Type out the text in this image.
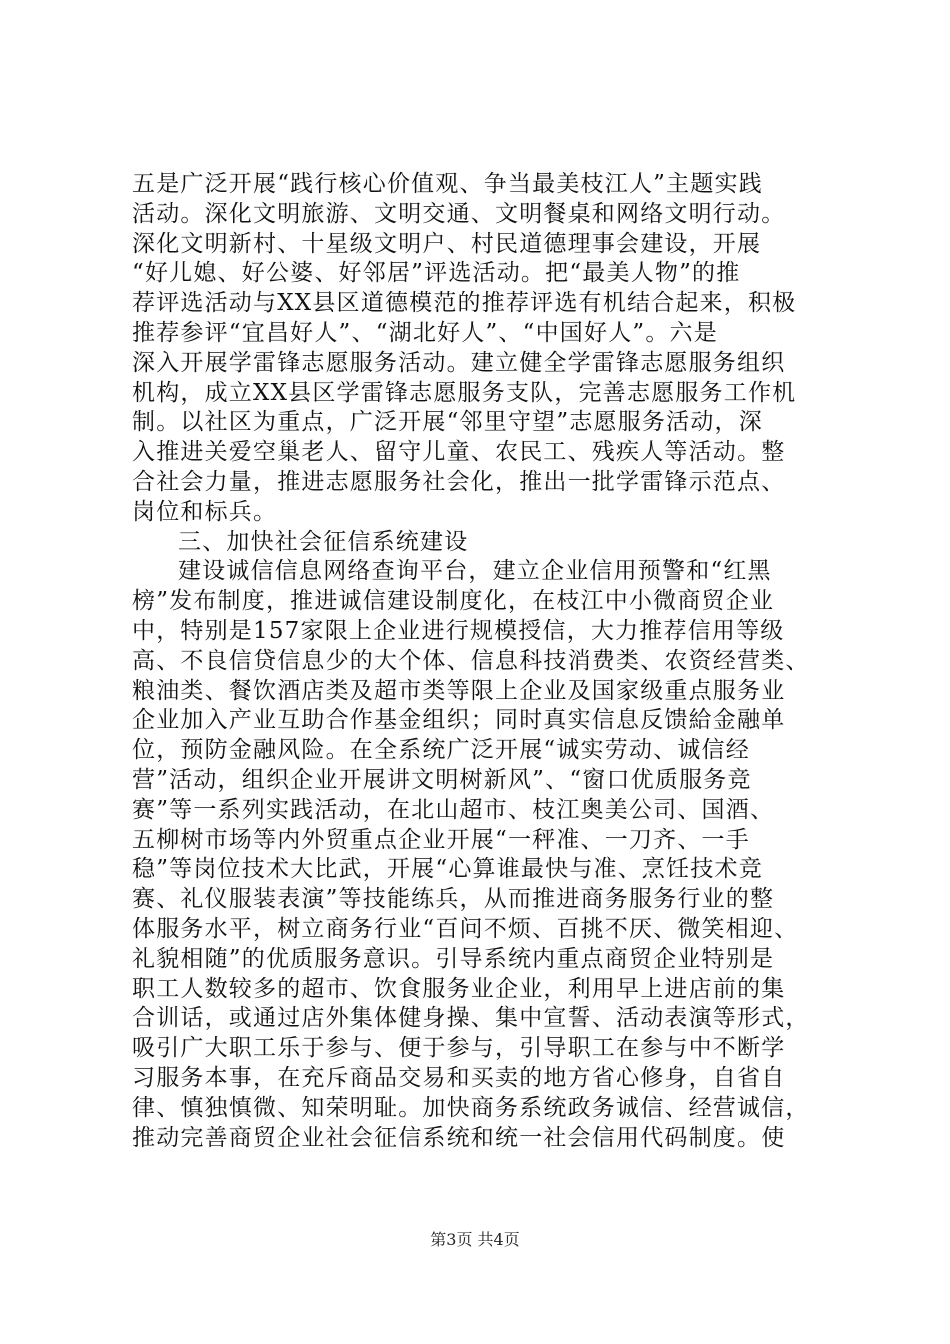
五是广泛开展“践行核心价值观、争当最美枝江人”主题实践
活动。深化文明旅游、文明交通、文明餐桌和网络文明行动。
深化文明新村、十星级文明户、村民道德理事会建设，开展
“好儿媳、好公婆、好邻居”评选活动。把“最美人物”的推
荐评选活动与XX县区道德模范的推荐评选有机结合起来，积极
推荐参评“宜昌好人”、“湖北好人”、“中国好人”。六是
深入开展学雷锋志愿服务活动。建立健全学雷锋志愿服务组织
机构，成立XX县区学雷锋志愿服务支队，完善志愿服务工作机
制。以社区为重点，广泛开展“邻里守望”志愿服务活动，深
入推进关爱空巢老人、留守儿童、农民工、残疾人等活动。整
合社会力量，推进志愿服务社会化，推出一批学雷锋示范点、
岗位和标兵。
三、加快社会征信系统建设
建设诚信信息网络查询平台，建立企业信用预警和“红黑
榜”发布制度，推进诚信建设制度化，在枝江中小微商贸企业
中，特别是157家限上企业进行规模授信，大力推荐信用等级
高、不良信贷信息少的大个体、信息科技消费类、农资经营类、
粮油类、餐饮酒店类及超市类等限上企业及国家级重点服务业
企业加入产业互助合作基金组织；同时真实信息反馈給金融单
位，预防金融风险。在全系统广泛开展“诚实劳动、诚信经
营”活动，组织企业开展讲文明树新风”、“窗口优质服务竞
赛”等一系列实践活动，在北山超市、枝江奥美公司、国酒、
五柳树市场等内外贸重点企业开展“一秤准、一刀齐、一手
稳”等岗位技术大比武，开展“心算谁最快与准、烹饪技术竞
赛、礼仪服装表演”等技能练兵，从而推进商务服务行业的整
体服务水平，树立商务行业“百问不烦、百挑不厌、微笑相迎、
礼貌相随”的优质服务意识。引导系统内重点商贸企业特别是
职工人数较多的超市、饮食服务业企业，利用早上进店前的集
合训话，或通过店外集体健身操、集中宣誓、活动表演等形式，
吸引广大职工乐于参与、便于参与，引导职工在参与中不断学
习服务本事，在充斥商品交易和买卖的地方省心修身，自省自
律、慎独慎微、知荣明耻。加快商务系统政务诚信、经营诚信，
推动完善商贸企业社会征信系统和统一社会信用代码制度。使
第3页 共4页
